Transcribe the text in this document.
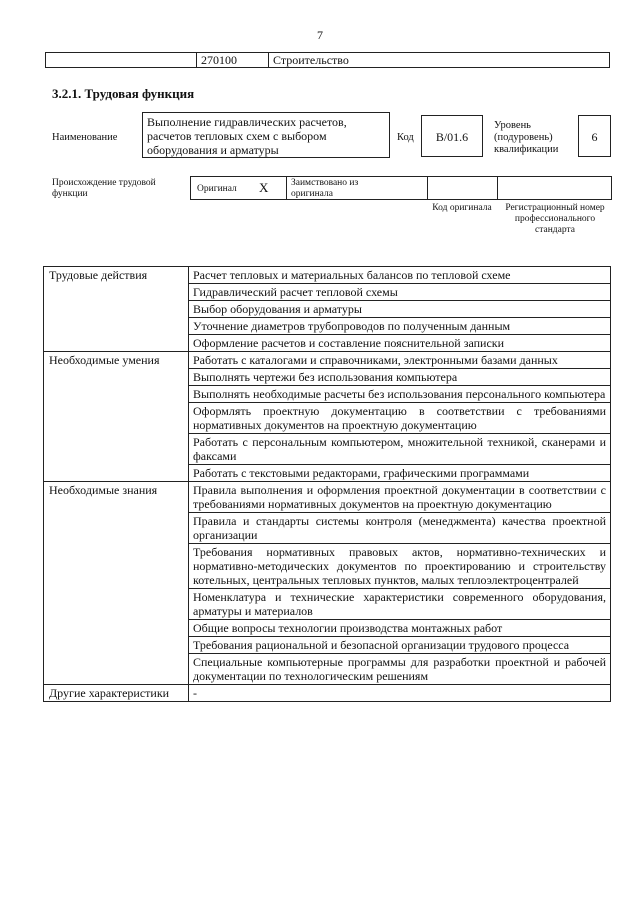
7
270100	Строительство
3.2.1. Трудовая функция
Наименование
Выполнение гидравлических расчетов, расчетов тепловых схем с выбором оборудования и арматуры
Код	B/01.6
Уровень (подуровень) квалификации
6
Происхождение трудовой функции	Оригинал X Заимствовано из оригинала
Код оригинала	Регистрационный номер профессионального стандарта
Трудовые действия	Расчет тепловых и материальных балансов по тепловой схеме
	Гидравлический расчет тепловой схемы
	Выбор оборудования и арматуры
	Уточнение диаметров трубопроводов по полученным данным
	Оформление расчетов и составление пояснительной записки
Необходимые умения	Работать с каталогами и справочниками, электронными базами данных
	Выполнять чертежи без использования компьютера
	Выполнять необходимые расчеты без использования персонального компьютера
	Оформлять проектную документацию в соответствии с требованиями нормативных документов на проектную документацию
	Работать с персональным компьютером, множительной техникой, сканерами и факсами
	Работать с текстовыми редакторами, графическими программами
Необходимые знания	Правила выполнения и оформления проектной документации в соответствии с требованиями нормативных документов на проектную документацию
	Правила и стандарты системы контроля (менеджмента) качества проектной организации
	Требования нормативных правовых актов, нормативно-технических и нормативно-методических документов по проектированию и строительству котельных, центральных тепловых пунктов, малых теплоэлектроцентралей
	Номенклатура и технические характеристики современного оборудования, арматуры и материалов
	Общие вопросы технологии производства монтажных работ
	Требования рациональной и безопасной организации трудового процесса
	Специальные компьютерные программы для разработки проектной и рабочей документации по технологическим решениям
Другие характеристики	-
